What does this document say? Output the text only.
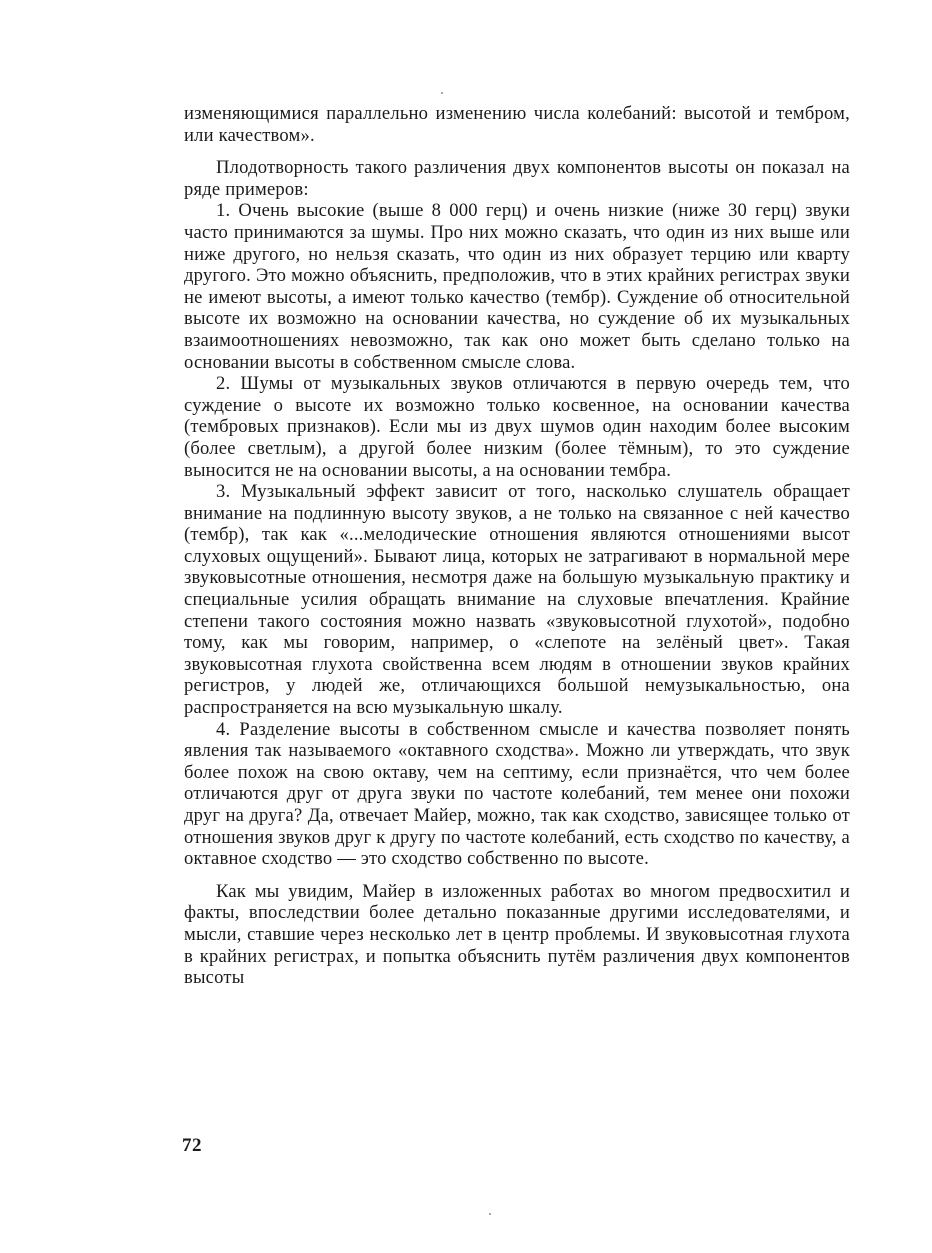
изменяющимися параллельно изменению числа колебаний: высотой и тембром, или качеством».

Плодотворность такого различения двух компонентов высоты он показал на ряде примеров:

1. Очень высокие (выше 8 000 герц) и очень низкие (ниже 30 герц) звуки часто принимаются за шумы. Про них можно сказать, что один из них выше или ниже другого, но нельзя сказать, что один из них образует терцию или кварту другого. Это можно объяснить, предположив, что в этих крайних регистрах звуки не имеют высоты, а имеют только качество (тембр). Суждение об относительной высоте их возможно на основании качества, но суждение об их музыкальных взаимоотношениях невозможно, так как оно может быть сделано только на основании высоты в собственном смысле слова.

2. Шумы от музыкальных звуков отличаются в первую очередь тем, что суждение о высоте их возможно только косвенное, на основании качества (тембровых признаков). Если мы из двух шумов один находим более высоким (более светлым), а другой более низким (более тёмным), то это суждение выносится не на основании высоты, а на основании тембра.

3. Музыкальный эффект зависит от того, насколько слушатель обращает внимание на подлинную высоту звуков, а не только на связанное с ней качество (тембр), так как «...мелодические отношения являются отношениями высот слуховых ощущений». Бывают лица, которых не затрагивают в нормальной мере звуковысотные отношения, несмотря даже на большую музыкальную практику и специальные усилия обращать внимание на слуховые впечатления. Крайние степени такого состояния можно назвать «звуковысотной глухотой», подобно тому, как мы говорим, например, о «слепоте на зелёный цвет». Такая звуковысотная глухота свойственна всем людям в отношении звуков крайних регистров, у людей же, отличающихся большой немузыкальностью, она распространяется на всю музыкальную шкалу.

4. Разделение высоты в собственном смысле и качества позволяет понять явления так называемого «октавного сходства». Можно ли утверждать, что звук более похож на свою октаву, чем на септиму, если признаётся, что чем более отличаются друг от друга звуки по частоте колебаний, тем менее они похожи друг на друга? Да, отвечает Майер, можно, так как сходство, зависящее только от отношения звуков друг к другу по частоте колебаний, есть сходство по качеству, а октавное сходство — это сходство собственно по высоте.

Как мы увидим, Майер в изложенных работах во многом предвосхитил и факты, впоследствии более детально показанные другими исследователями, и мысли, ставшие через несколько лет в центр проблемы. И звуковысотная глухота в крайних регистрах, и попытка объяснить путём различения двух компонентов высоты

72
